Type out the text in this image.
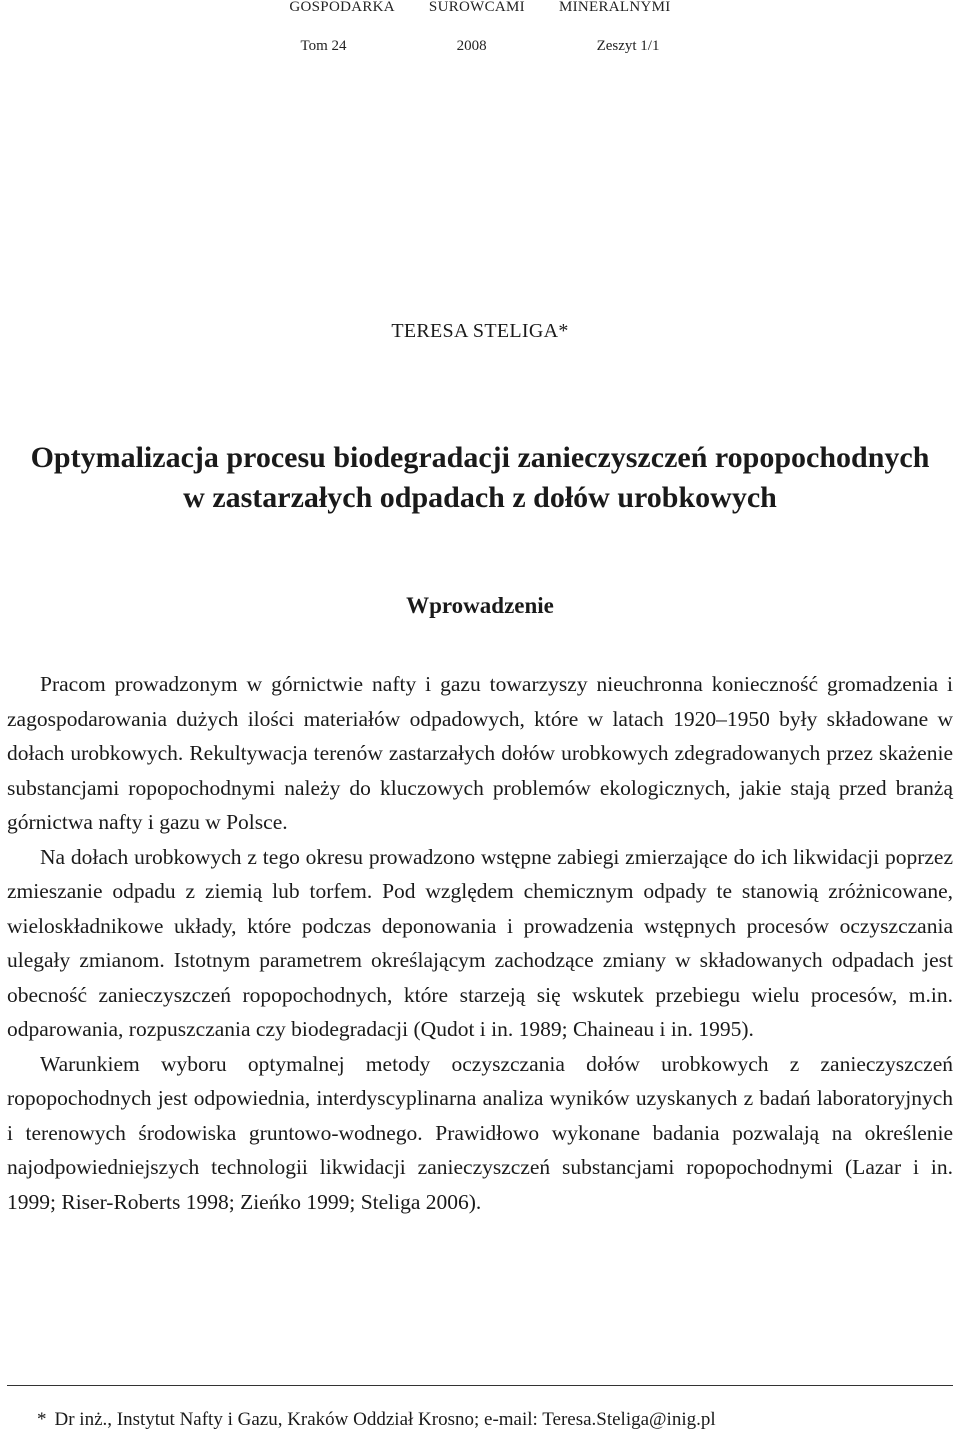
GOSPODARKA SUROWCAMI MINERALNYMI
Tom 24	2008	Zeszyt 1/1
TERESA STELIGA*
Optymalizacja procesu biodegradacji zanieczyszczeń ropopochodnych
w zastarzałych odpadach z dołów urobkowych
Wprowadzenie

Pracom prowadzonym w górnictwie nafty i gazu towarzyszy nieuchronna konieczność gromadzenia i zagospodarowania dużych ilości materiałów odpadowych, które w latach 1920–1950 były składowane w dołach urobkowych. Rekultywacja terenów zastarzałych dołów urobkowych zdegradowanych przez skażenie substancjami ropopochodnymi należy do kluczowych problemów ekologicznych, jakie stają przed branżą górnictwa nafty i gazu w Polsce.

Na dołach urobkowych z tego okresu prowadzono wstępne zabiegi zmierzające do ich likwidacji poprzez zmieszanie odpadu z ziemią lub torfem. Pod względem chemicznym odpady te stanowią zróżnicowane, wieloskładnikowe układy, które podczas deponowania i prowadzenia wstępnych procesów oczyszczania ulegały zmianom. Istotnym parametrem określającym zachodzące zmiany w składowanych odpadach jest obecność zanieczyszczeń ropopochodnych, które starzeją się wskutek przebiegu wielu procesów, m.in. odparowania, rozpuszczania czy biodegradacji (Qudot i in. 1989; Chaineau i in. 1995).

Warunkiem wyboru optymalnej metody oczyszczania dołów urobkowych z zanieczyszczeń ropopochodnych jest odpowiednia, interdyscyplinarna analiza wyników uzyskanych z badań laboratoryjnych i terenowych środowiska gruntowo-wodnego. Prawidłowo wykonane badania pozwalają na określenie najodpowiedniejszych technologii likwidacji zanieczyszczeń substancjami ropopochodnymi (Lazar i in. 1999; Riser-Roberts 1998; Zieńko 1999; Steliga 2006).

* Dr inż., Instytut Nafty i Gazu, Kraków Oddział Krosno; e-mail: Teresa.Steliga@inig.pl
